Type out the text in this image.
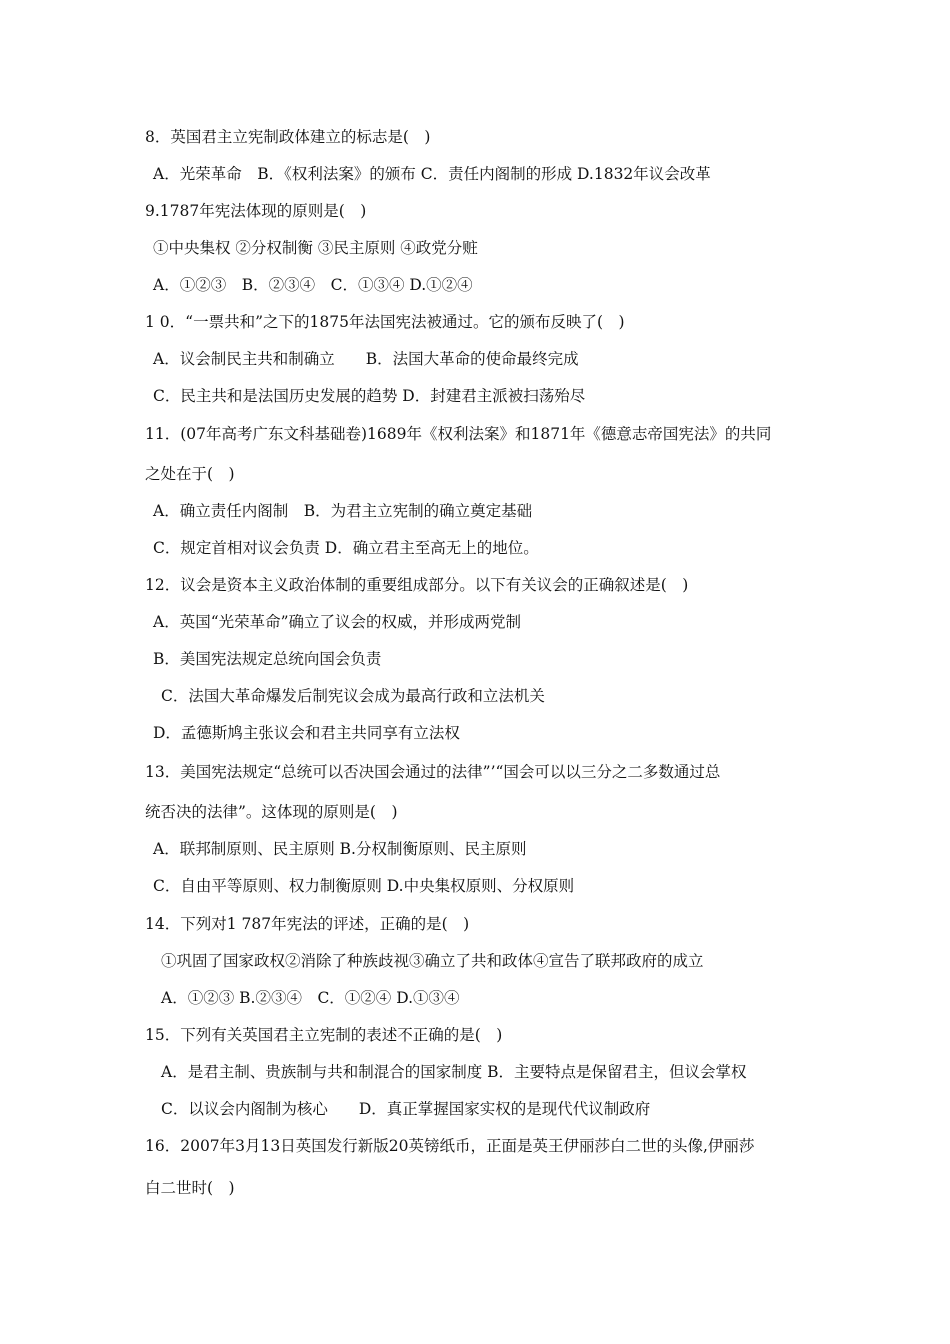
8．英国君主立宪制政体建立的标志是(　)
A．光荣革命　B．《权利法案》的颁布 C．责任内阁制的形成 D.1832年议会改革
9.1787年宪法体现的原则是(　)
①中央集权 ②分权制衡 ③民主原则 ④政党分赃
A．①②③　B．②③④　C．①③④ D.①②④
1 0．“一票共和”之下的1875年法国宪法被通过。它的颁布反映了(　)
A．议会制民主共和制确立　　B．法国大革命的使命最终完成
C．民主共和是法国历史发展的趋势 D．封建君主派被扫荡殆尽
11．(07年高考广东文科基础卷)1689年《权利法案》和1871年《德意志帝国宪法》的共同
之处在于(　)
A．确立责任内阁制　B．为君主立宪制的确立奠定基础
C．规定首相对议会负责 D．确立君主至高无上的地位。
12．议会是资本主义政治体制的重要组成部分。以下有关议会的正确叙述是(　)
A．英国“光荣革命”确立了议会的权威，并形成两党制
B．美国宪法规定总统向国会负责
C．法国大革命爆发后制宪议会成为最高行政和立法机关
D．孟德斯鸠主张议会和君主共同享有立法权
13．美国宪法规定“总统可以否决国会通过的法律”’“国会可以以三分之二多数通过总
统否决的法律”。这体现的原则是(　)
A．联邦制原则、民主原则 B.分权制衡原则、民主原则
C．自由平等原则、权力制衡原则 D.中央集权原则、分权原则
14．下列对1 787年宪法的评述，正确的是(　)
①巩固了国家政权②消除了种族歧视③确立了共和政体④宣告了联邦政府的成立
A．①②③ B.②③④　C．①②④ D.①③④
15．下列有关英国君主立宪制的表述不正确的是(　)
A．是君主制、贵族制与共和制混合的国家制度 B．主要特点是保留君主，但议会掌权
C．以议会内阁制为核心　　D．真正掌握国家实权的是现代代议制政府
16．2007年3月13日英国发行新版20英镑纸币，正面是英王伊丽莎白二世的头像,伊丽莎
白二世时(　)
